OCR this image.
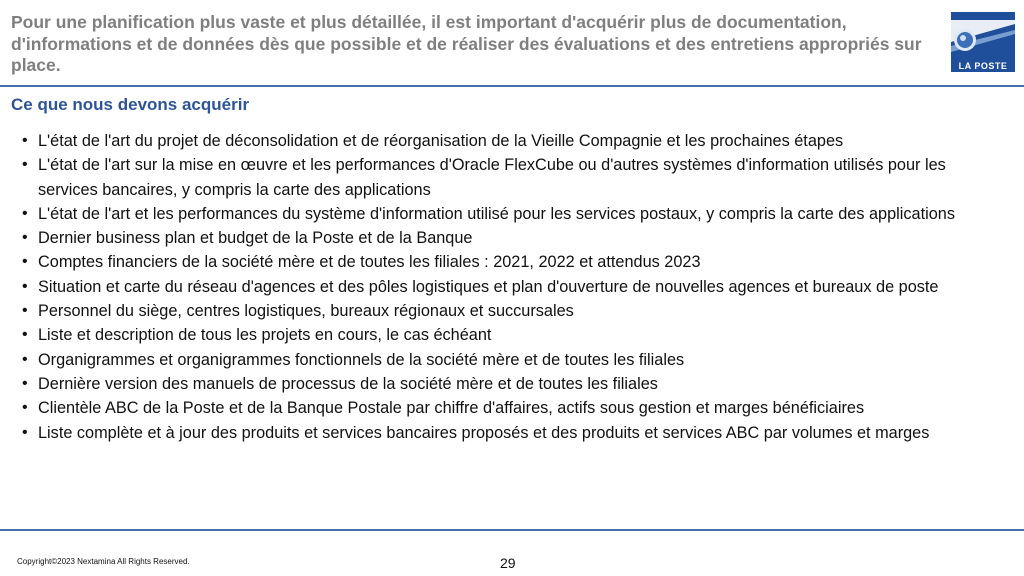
Pour une planification plus vaste et plus détaillée, il est important d'acquérir plus de documentation, d'informations et de données dès que possible et de réaliser des évaluations et des entretiens appropriés sur place.	LA POSTE
Ce que nous devons acquérir
• L'état de l'art du projet de déconsolidation et de réorganisation de la Vieille Compagnie et les prochaines étapes
• L'état de l'art sur la mise en œuvre et les performances d'Oracle FlexCube ou d'autres systèmes d'information utilisés pour les services bancaires, y compris la carte des applications
• L'état de l'art et les performances du système d'information utilisé pour les services postaux, y compris la carte des applications
• Dernier business plan et budget de la Poste et de la Banque
• Comptes financiers de la société mère et de toutes les filiales : 2021, 2022 et attendus 2023
• Situation et carte du réseau d'agences et des pôles logistiques et plan d'ouverture de nouvelles agences et bureaux de poste
• Personnel du siège, centres logistiques, bureaux régionaux et succursales
• Liste et description de tous les projets en cours, le cas échéant
• Organigrammes et organigrammes fonctionnels de la société mère et de toutes les filiales
• Dernière version des manuels de processus de la société mère et de toutes les filiales
• Clientèle ABC de la Poste et de la Banque Postale par chiffre d'affaires, actifs sous gestion et marges bénéficiaires
• Liste complète et à jour des produits et services bancaires proposés et des produits et services ABC par volumes et marges
Copyright©2023 Nextamina All Rights Reserved.	29
